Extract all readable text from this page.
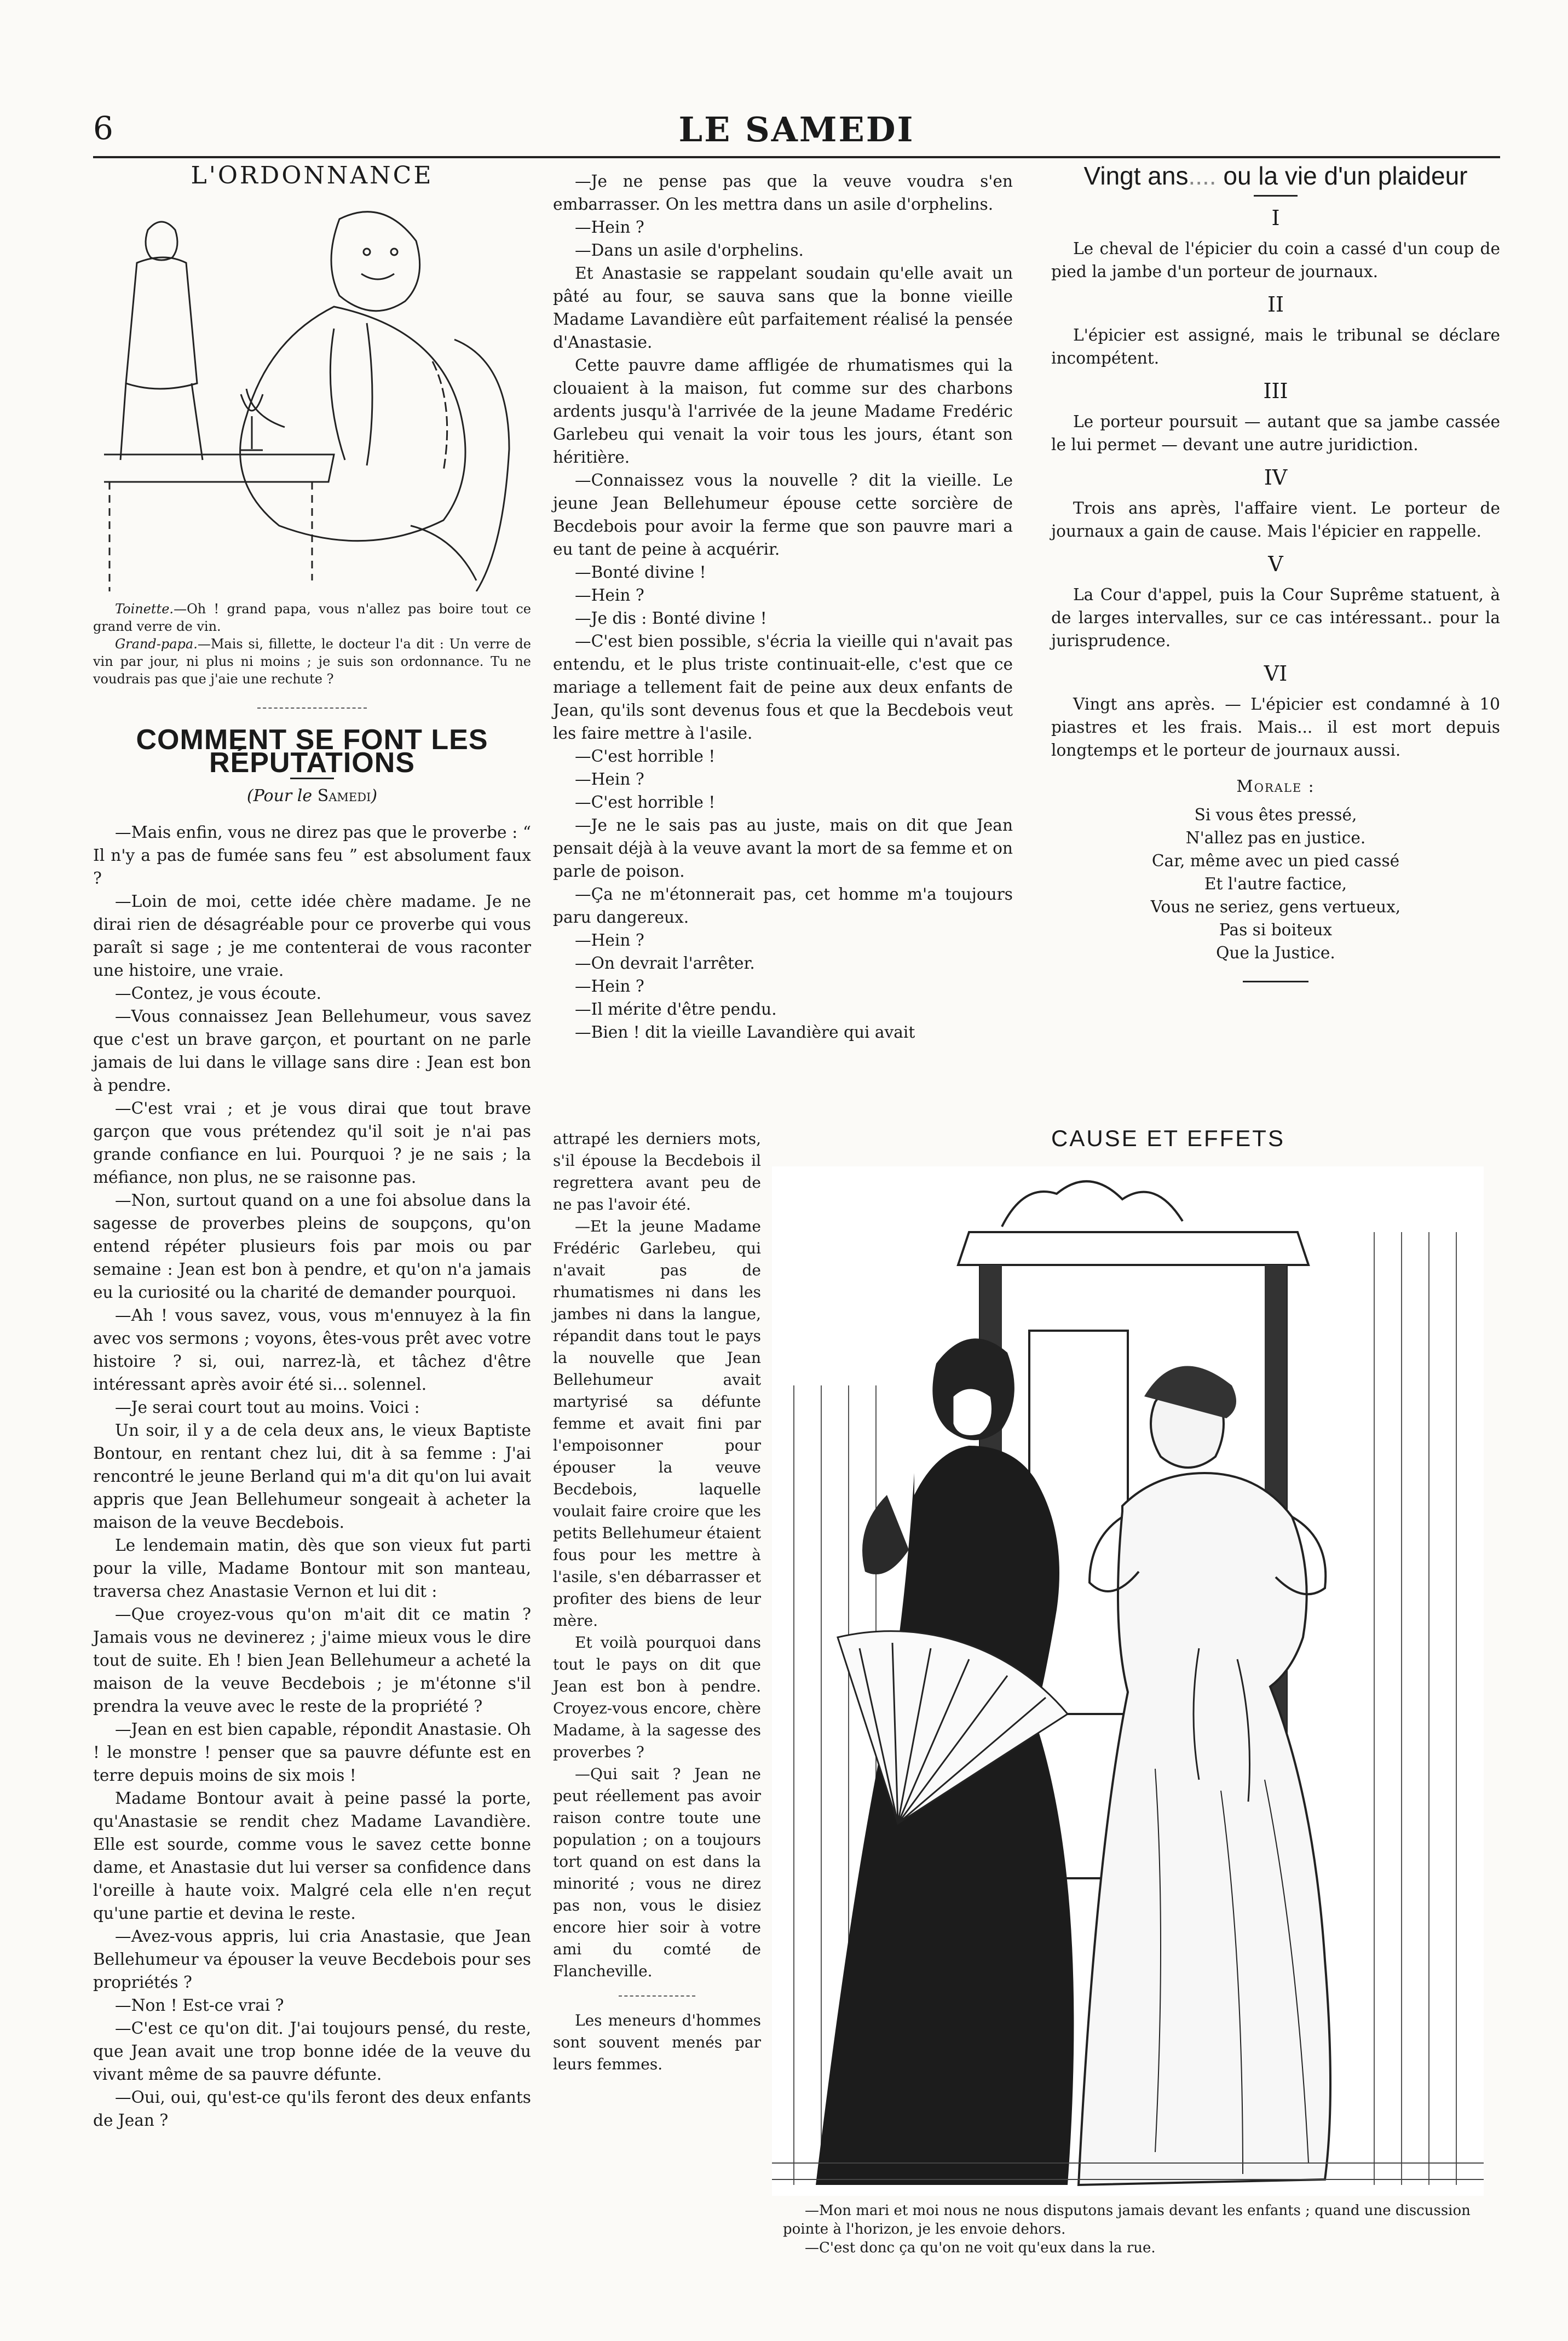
6	LE SAMEDI
L'ORDONNANCE

Toinette.—Oh ! grand papa, vous n'allez pas boire tout ce grand verre de vin.

Grand-papa.—Mais si, fillette, le docteur l'a dit : Un verre de vin par jour, ni plus ni moins ; je suis son ordonnance. Tu ne voudrais pas que j'aie une rechute ?

COMMENT SE FONT LES RÉPUTATIONS
(Pour le Samedi)

—Mais enfin, vous ne direz pas que le proverbe : “ Il n'y a pas de fumée sans feu ” est absolument faux ?

—Loin de moi, cette idée chère madame. Je ne dirai rien de désagréable pour ce proverbe qui vous paraît si sage ; je me contenterai de vous raconter une histoire, une vraie.

—Contez, je vous écoute.

—Vous connaissez Jean Bellehumeur, vous savez que c'est un brave garçon, et pourtant on ne parle jamais de lui dans le village sans dire : Jean est bon à pendre.

—C'est vrai ; et je vous dirai que tout brave garçon que vous prétendez qu'il soit je n'ai pas grande confiance en lui. Pourquoi ? je ne sais ; la méfiance, non plus, ne se raisonne pas.

—Non, surtout quand on a une foi absolue dans la sagesse de proverbes pleins de soupçons, qu'on entend répéter plusieurs fois par mois ou par semaine : Jean est bon à pendre, et qu'on n'a jamais eu la curiosité ou la charité de demander pourquoi.

—Ah ! vous savez, vous, vous m'ennuyez à la fin avec vos sermons ; voyons, êtes-vous prêt avec votre histoire ? si, oui, narrez-là, et tâchez d'être intéressant après avoir été si... solennel.

—Je serai court tout au moins. Voici :

Un soir, il y a de cela deux ans, le vieux Baptiste Bontour, en rentant chez lui, dit à sa femme : J'ai rencontré le jeune Berland qui m'a dit qu'on lui avait appris que Jean Bellehumeur songeait à acheter la maison de la veuve Becdebois.

Le lendemain matin, dès que son vieux fut parti pour la ville, Madame Bontour mit son manteau, traversa chez Anastasie Vernon et lui dit :

—Que croyez-vous qu'on m'ait dit ce matin ? Jamais vous ne devinerez ; j'aime mieux vous le dire tout de suite. Eh ! bien Jean Bellehumeur a acheté la maison de la veuve Becdebois ; je m'étonne s'il prendra la veuve avec le reste de la propriété ?

—Jean en est bien capable, répondit Anastasie. Oh ! le monstre ! penser que sa pauvre défunte est en terre depuis moins de six mois !

Madame Bontour avait à peine passé la porte, qu'Anastasie se rendit chez Madame Lavandière. Elle est sourde, comme vous le savez cette bonne dame, et Anastasie dut lui verser sa confidence dans l'oreille à haute voix. Malgré cela elle n'en reçut qu'une partie et devina le reste.

—Avez-vous appris, lui cria Anastasie, que Jean Bellehumeur va épouser la veuve Becdebois pour ses propriétés ?

—Non ! Est-ce vrai ?

—C'est ce qu'on dit. J'ai toujours pensé, du reste, que Jean avait une trop bonne idée de la veuve du vivant même de sa pauvre défunte.

—Oui, oui, qu'est-ce qu'ils feront des deux enfants de Jean ?

—Je ne pense pas que la veuve voudra s'en embarrasser. On les mettra dans un asile d'orphelins.

—Hein ?

—Dans un asile d'orphelins.

Et Anastasie se rappelant soudain qu'elle avait un pâté au four, se sauva sans que la bonne vieille Madame Lavandière eût parfaitement réalisé la pensée d'Anastasie.

Cette pauvre dame affligée de rhumatismes qui la clouaient à la maison, fut comme sur des charbons ardents jusqu'à l'arrivée de la jeune Madame Fredéric Garlebeu qui venait la voir tous les jours, étant son héritière.

—Connaissez vous la nouvelle ? dit la vieille. Le jeune Jean Bellehumeur épouse cette sorcière de Becdebois pour avoir la ferme que son pauvre mari a eu tant de peine à acquérir.

—Bonté divine !

—Hein ?

—Je dis : Bonté divine !

—C'est bien possible, s'écria la vieille qui n'avait pas entendu, et le plus triste continuait-elle, c'est que ce mariage a tellement fait de peine aux deux enfants de Jean, qu'ils sont devenus fous et que la Becdebois veut les faire mettre à l'asile.

—C'est horrible !

—Hein ?

—C'est horrible !

—Je ne le sais pas au juste, mais on dit que Jean pensait déjà à la veuve avant la mort de sa femme et on parle de poison.

—Ça ne m'étonnerait pas, cet homme m'a toujours paru dangereux.

—Hein ?

—On devrait l'arrêter.

—Hein ?

—Il mérite d'être pendu.

—Bien ! dit la vieille Lavandière qui avait

attrapé les derniers mots, s'il épouse la Becdebois il regrettera avant peu de ne pas l'avoir été.

—Et la jeune Madame Frédéric Garlebeu, qui n'avait pas de rhumatismes ni dans les jambes ni dans la langue, répandit dans tout le pays la nouvelle que Jean Bellehumeur avait martyrisé sa défunte femme et avait fini par l'empoisonner pour épouser la veuve Becdebois, laquelle voulait faire croire que les petits Bellehumeur étaient fous pour les mettre à l'asile, s'en débarrasser et profiter des biens de leur mère.

Et voilà pourquoi dans tout le pays on dit que Jean est bon à pendre. Croyez-vous encore, chère Madame, à la sagesse des proverbes ?

—Qui sait ? Jean ne peut réellement pas avoir raison contre toute une population ; on a toujours tort quand on est dans la minorité ; vous ne direz pas non, vous le disiez encore hier soir à votre ami du comté de Flancheville.

Les meneurs d'hommes sont souvent menés par leurs femmes.

Vingt ans.... ou la vie d'un plaideur
I

Le cheval de l'épicier du coin a cassé d'un coup de pied la jambe d'un porteur de journaux.

II

L'épicier est assigné, mais le tribunal se déclare incompétent.

III

Le porteur poursuit — autant que sa jambe cassée le lui permet — devant une autre juridiction.

IV

Trois ans après, l'affaire vient. Le porteur de journaux a gain de cause. Mais l'épicier en rappelle.

V

La Cour d'appel, puis la Cour Suprême statuent, à de larges intervalles, sur ce cas intéressant.. pour la jurisprudence.

VI

Vingt ans après. — L'épicier est condamné à 10 piastres et les frais. Mais... il est mort depuis longtemps et le porteur de journaux aussi.

Morale :

Si vous êtes pressé,

N'allez pas en justice.

Car, même avec un pied cassé

Et l'autre factice,

Vous ne seriez, gens vertueux,

Pas si boiteux

Que la Justice.

CAUSE ET EFFETS

—Mon mari et moi nous ne nous disputons jamais devant les enfants ; quand une discussion pointe à l'horizon, je les envoie dehors.

—C'est donc ça qu'on ne voit qu'eux dans la rue.
